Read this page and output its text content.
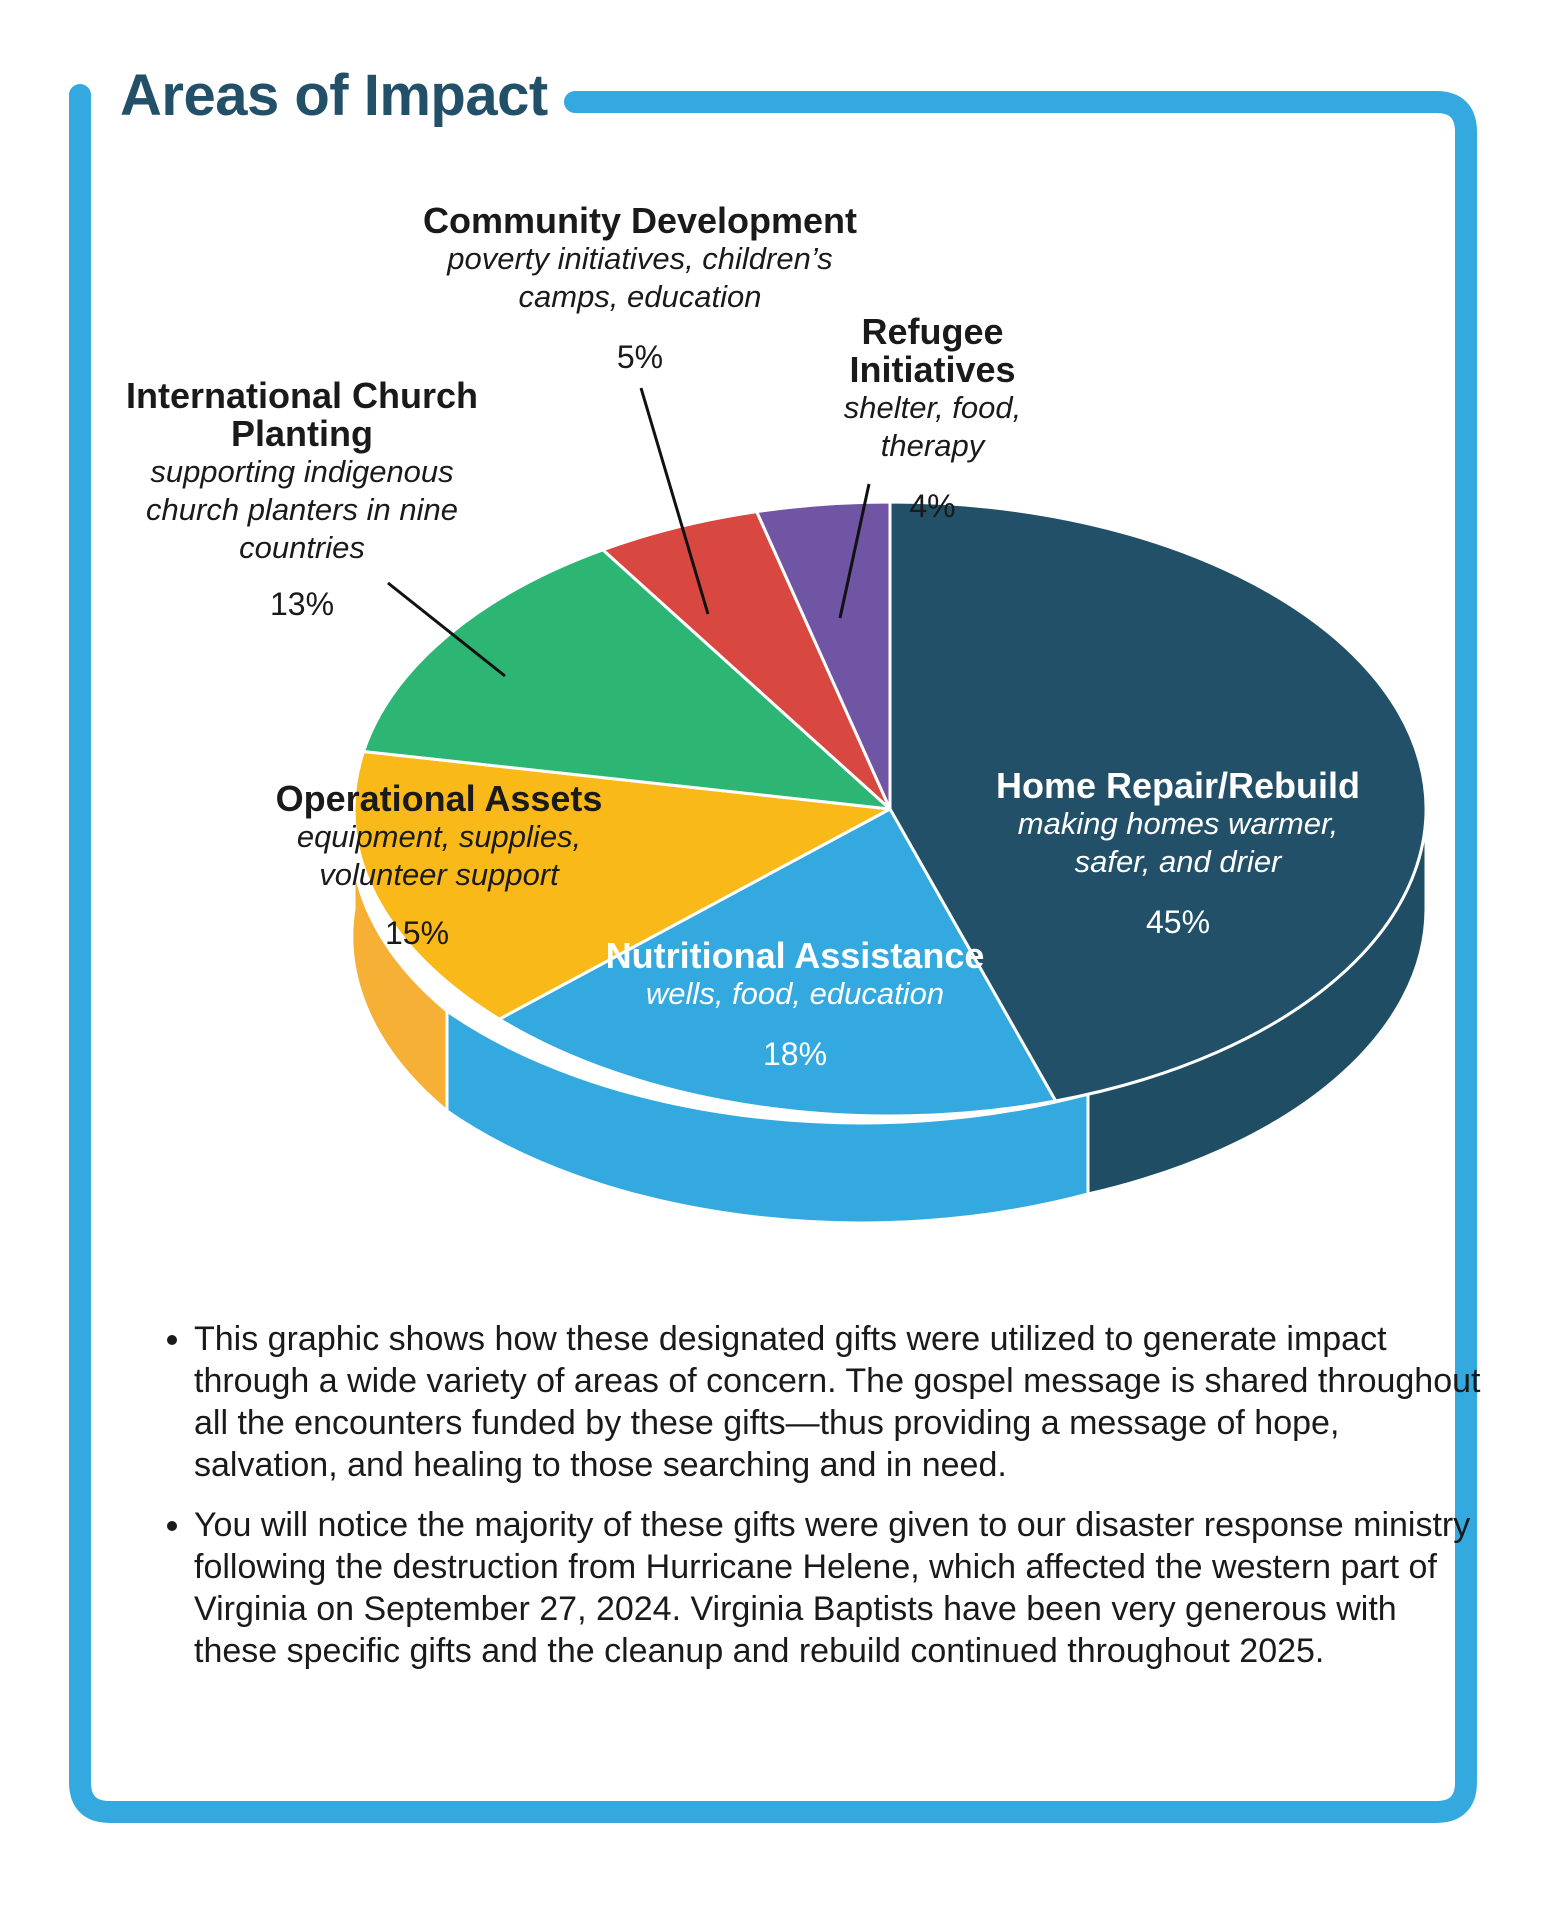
Areas of Impact
Community Development
poverty initiatives, children’s camps, education
5%
Refugee Initiatives
shelter, food, therapy
4%
International Church Planting
supporting indigenous church planters in nine countries
13%
Operational Assets
equipment, supplies, volunteer support
15%
Home Repair/Rebuild
making homes warmer, safer, and drier
45%
Nutritional Assistance
wells, food, education
18%
• This graphic shows how these designated gifts were utilized to generate impact through a wide variety of areas of concern. The gospel message is shared throughout all the encounters funded by these gifts—thus providing a message of hope, salvation, and healing to those searching and in need.
• You will notice the majority of these gifts were given to our disaster response ministry following the destruction from Hurricane Helene, which affected the western part of Virginia on September 27, 2024. Virginia Baptists have been very generous with these specific gifts and the cleanup and rebuild continued throughout 2025.
